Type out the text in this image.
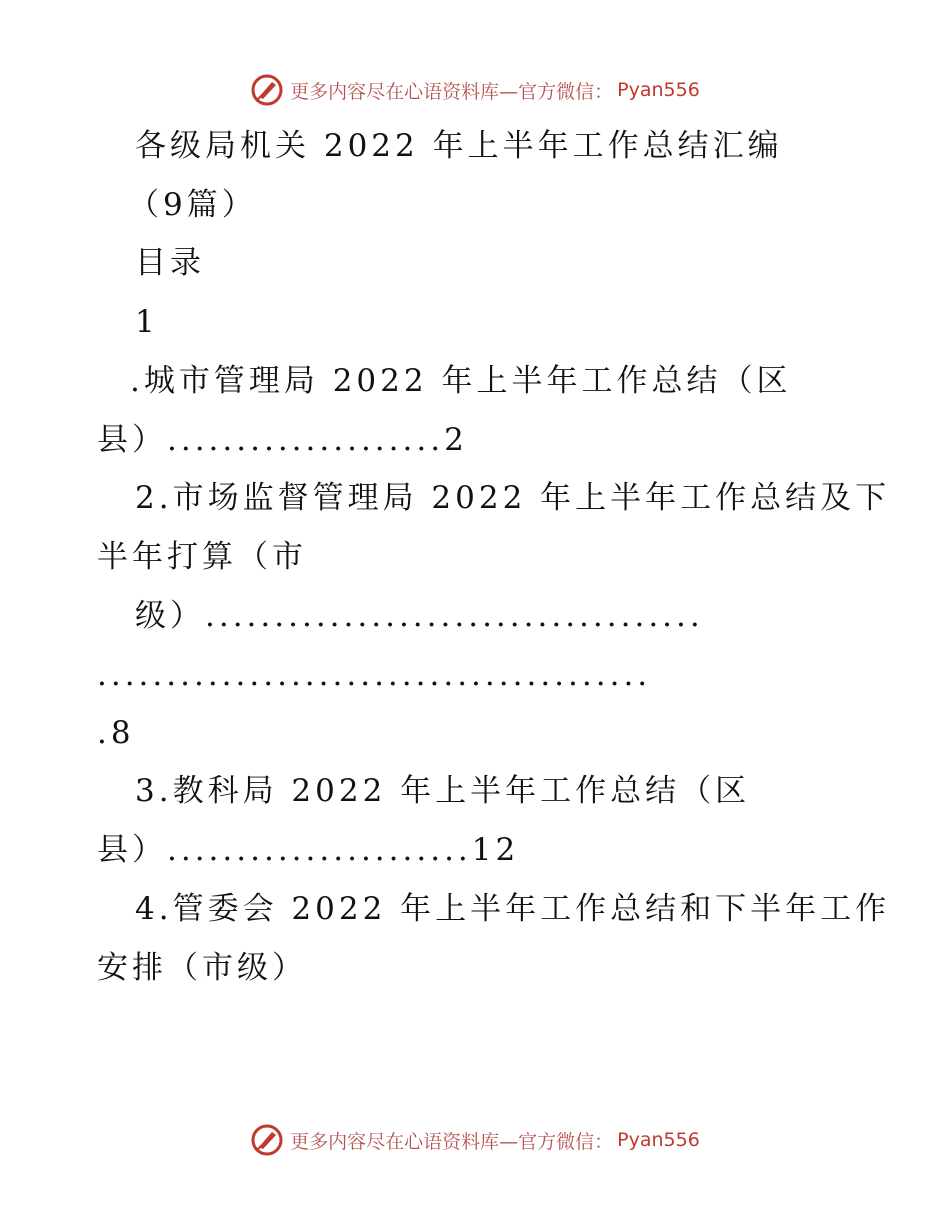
更多内容尽在心语资料库—官方微信： Pyan556
各级局机关 2022 年上半年工作总结汇编
（9篇）
目录
1
.城市管理局 2022 年上半年工作总结（区
县）....................2
2.市场监督管理局 2022 年上半年工作总结及下
半年打算（市
级）....................................
........................................
.8
3.教科局 2022 年上半年工作总结（区
县）......................12
4.管委会 2022 年上半年工作总结和下半年工作
安排（市级）
更多内容尽在心语资料库—官方微信： Pyan556
